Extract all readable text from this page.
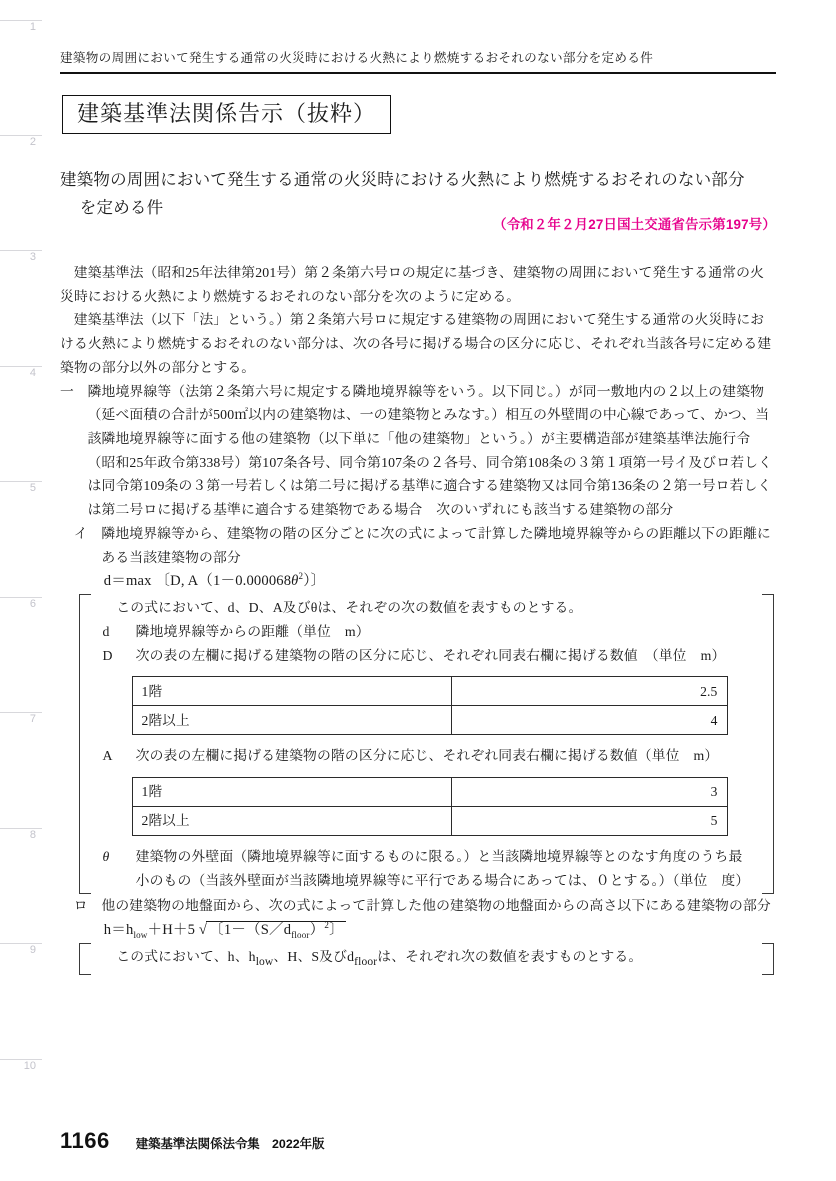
1
2
3
4
5
6
7
8
9
10
建築物の周囲において発生する通常の火災時における火熱により燃焼するおそれのない部分を定める件
建築基準法関係告示（抜粋）
建築物の周囲において発生する通常の火災時における火熱により燃焼するおそれのない部分
を定める件
（令和２年２月27日国土交通省告示第197号）

建築基準法（昭和25年法律第201号）第２条第六号ロの規定に基づき、建築物の周囲において発生する通常の火災時における火熱により燃焼するおそれのない部分を次のように定める。

建築基準法（以下「法」という。）第２条第六号ロに規定する建築物の周囲において発生する通常の火災時における火熱により燃焼するおそれのない部分は、次の各号に掲げる場合の区分に応じ、それぞれ当該各号に定める建築物の部分以外の部分とする。

一 隣地境界線等（法第２条第六号に規定する隣地境界線等をいう。以下同じ。）が同一敷地内の２以上の建築物（延べ面積の合計が500㎡以内の建築物は、一の建築物とみなす。）相互の外壁間の中心線であって、かつ、当該隣地境界線等に面する他の建築物（以下単に「他の建築物」という。）が主要構造部が建築基準法施行令（昭和25年政令第338号）第107条各号、同令第107条の２各号、同令第108条の３第１項第一号イ及びロ若しくは同令第109条の３第一号若しくは第二号に掲げる基準に適合する建築物又は同令第136条の２第一号ロ若しくは第二号ロに掲げる基準に適合する建築物である場合　次のいずれにも該当する建築物の部分
イ 隣地境界線等から、建築物の階の区分ごとに次の式によって計算した隣地境界線等からの距離以下の距離にある当該建築物の部分
d＝max 〔D, $A(1-0.000068\theta^2)$〕

この式において、d、D、A及びθは、それぞの次の数値を表すものとする。

d	隣地境界線等からの距離（単位　m）
D	次の表の左欄に掲げる建築物の階の区分に応じ、それぞれ同表右欄に掲げる数値　（単位　m）
1階	2.5
2階以上	4
A	次の表の左欄に掲げる建築物の階の区分に応じ、それぞれ同表右欄に掲げる数値（単位　m）
1階	3
2階以上	5
θ	建築物の外壁面（隣地境界線等に面するものに限る。）と当該隣地境界線等とのなす角度のうち最小のもの（当該外壁面が当該隣地境界線等に平行である場合にあっては、０とする。）（単位　度）
ロ 他の建築物の地盤面から、次の式によって計算した他の建築物の地盤面からの高さ以下にある建築物の部分
$h=h_{low}+H+5$ √ 〔$1-(S/d_{floor})^2$〕

この式において、h、$h_{low}$、H、S及び$d_{floor}$は、それぞれ次の数値を表すものとする。

1166 建築基準法関係法令集　2022年版
